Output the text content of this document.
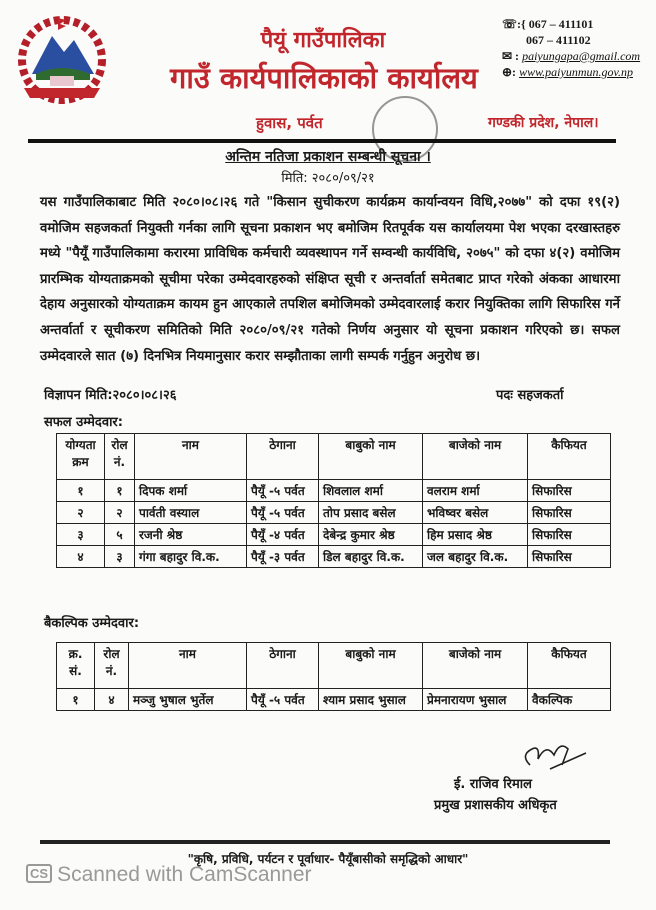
पैयूं गाउँपालिका
गाउँ कार्यपालिकाको कार्यालय
हुवास, पर्वत	गण्डकी प्रदेश, नेपाल।
☏:{ 067 – 411101
067 – 411102
✉ : paiyungapa@gmail.com
⊕: www.paiyunmun.gov.np
अन्तिम नतिजा प्रकाशन सम्बन्धी सूचना ।
मिति: २०८०/०९/२१
यस गाउँपालिकाबाट मिति २०८०।०८।२६ गते "किसान सुचीकरण कार्यक्रम कार्यान्वयन विधि,२०७७" को दफा १९(२) वमोजिम सहजकर्ता नियुक्ती गर्नका लागि सूचना प्रकाशन भए बमोजिम रितपूर्वक यस कार्यालयमा पेश भएका दरखास्तहरु मध्ये "पैयूँ गाउँपालिकामा करारमा प्राविधिक कर्मचारी व्यवस्थापन गर्ने सम्वन्धी कार्यविधि, २०७५" को दफा ४(२) वमोजिम प्रारम्भिक योग्यताक्रमको सूचीमा परेका उम्मेदवारहरुको संक्षिप्त सूची र अन्तर्वार्ता समेतबाट प्राप्त गरेको अंकका आधारमा देहाय अनुसारको योग्यताक्रम कायम हुन आएकाले तपशिल बमोजिमको उम्मेदवारलाई करार नियुक्तिका लागि सिफारिस गर्ने अन्तर्वार्ता र सूचीकरण समितिको मिति २०८०/०९/२१ गतेको निर्णय अनुसार यो सूचना प्रकाशन गरिएको छ। सफल उम्मेदवारले सात (७) दिनभित्र नियमानुसार करार सम्झौताका लागी सम्पर्क गर्नुहुन अनुरोध छ।
विज्ञापन मिति:२०८०।०८।२६	पदः सहजकर्ता
सफल उम्मेदवार:
योग्यता क्रम	रोल नं.	नाम	ठेगाना	बाबुको नाम	बाजेको नाम	कैफियत
१	१	दिपक शर्मा	पैयूँ -५ पर्वत	शिवलाल शर्मा	वलराम शर्मा	सिफारिस
२	२	पार्वती वस्याल	पैयूँ -५ पर्वत	तोप प्रसाद बसेल	भविष्वर बसेल	सिफारिस
३	५	रजनी श्रेष्ठ	पैयूँ -४ पर्वत	देबेन्द्र कुमार श्रेष्ठ	हिम प्रसाद श्रेष्ठ	सिफारिस
४	३	गंगा बहादुर वि.क.	पैयूँ -३ पर्वत	डिल बहादुर वि.क.	जल बहादुर वि.क.	सिफारिस
बैकल्पिक उम्मेदवार:
क्र. सं.	रोल नं.	नाम	ठेगाना	बाबुको नाम	बाजेको नाम	कैफियत
१	४	मञ्जु भुषाल भुर्तेल	पैयूँ -५ पर्वत	श्याम प्रसाद भुसाल	प्रेमनारायण भुसाल	वैकल्पिक
ई. राजिव रिमाल
प्रमुख प्रशासकीय अधिकृत
"कृषि, प्रविधि, पर्यटन र पूर्वाधार- पैयूँबासीको समृद्धिको आधार"
CS Scanned with CamScanner
